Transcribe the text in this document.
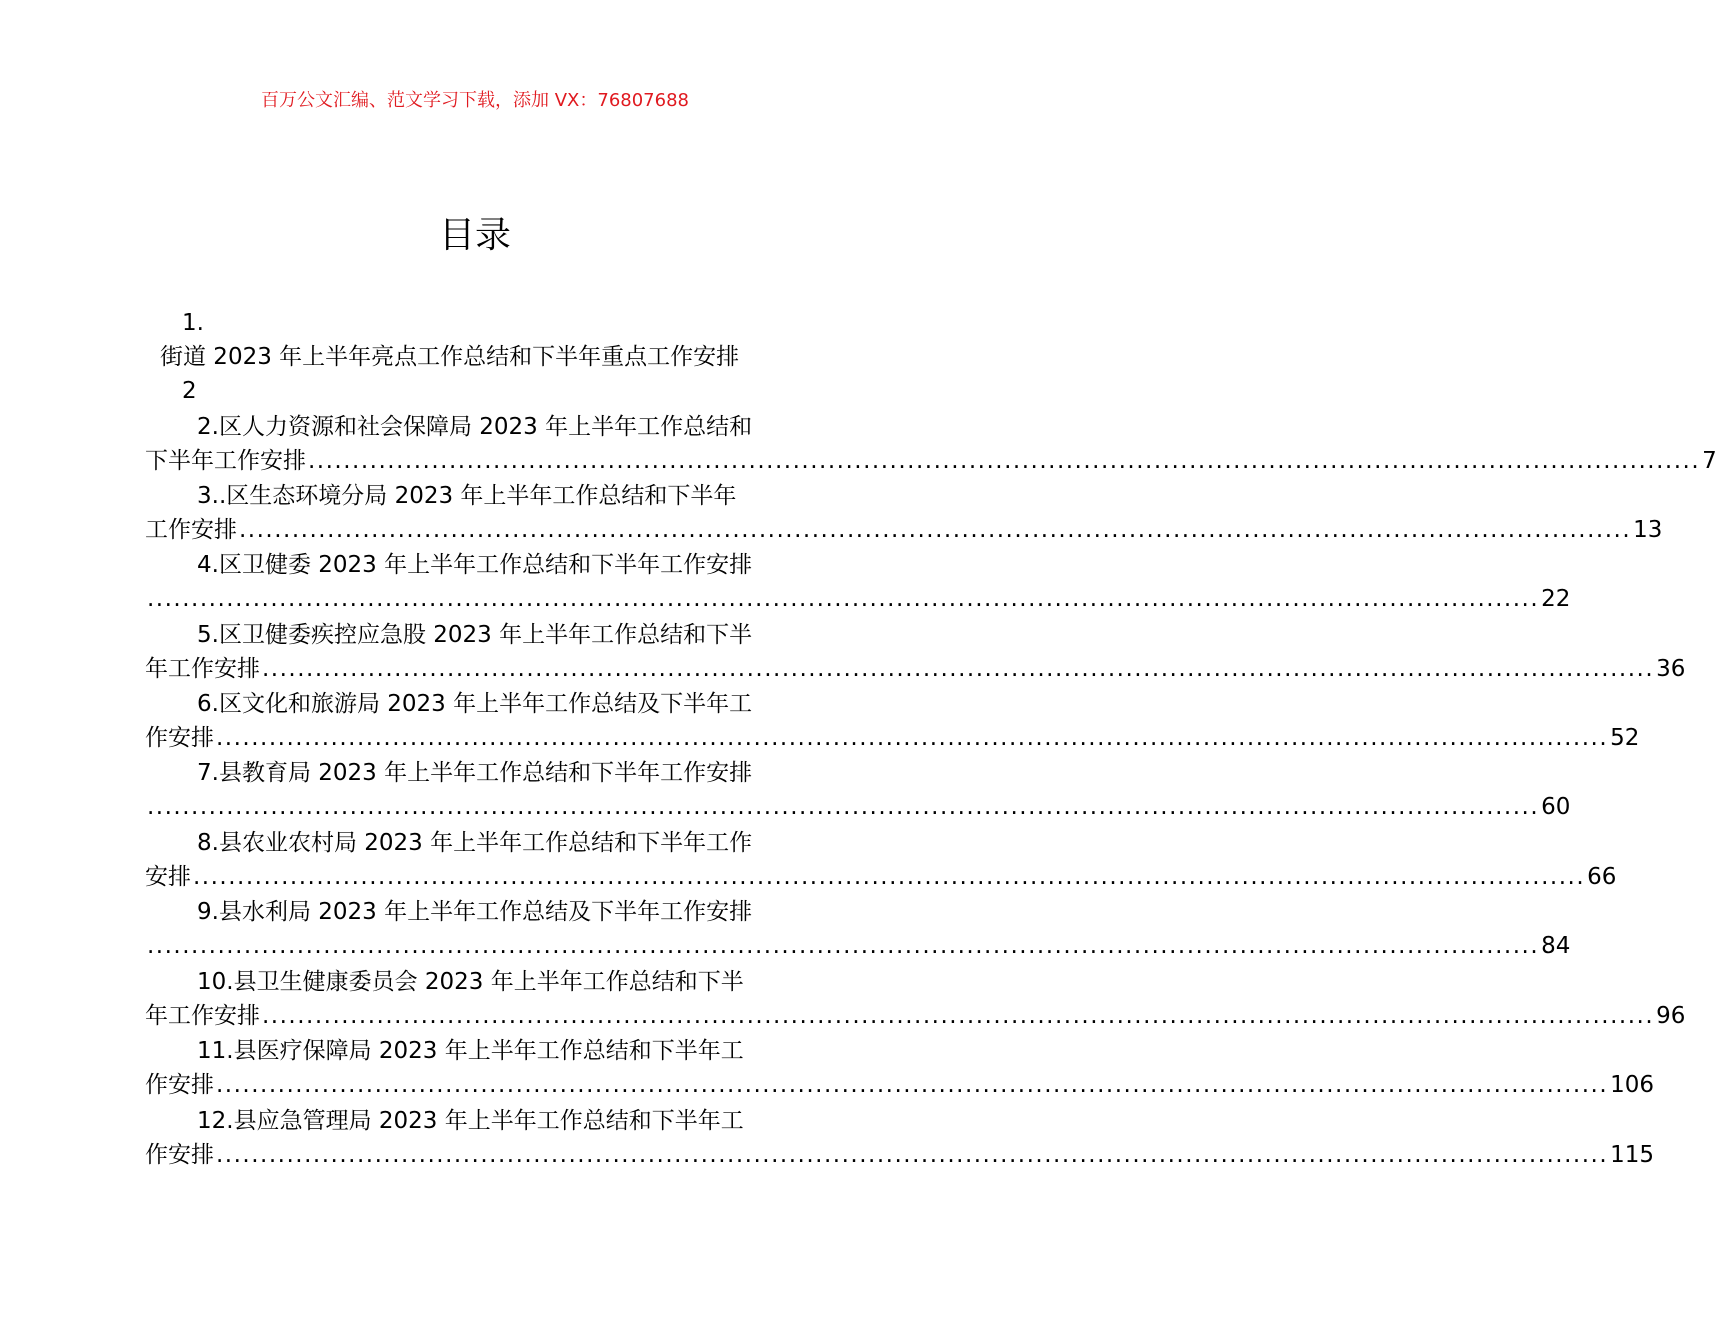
百万公文汇编、范文学习下载，添加 VX：76807688
目录
1.
街道 2023 年上半年亮点工作总结和下半年重点工作安排
2
2.区人力资源和社会保障局 2023 年上半年工作总结和
下半年工作安排 .............................................................................................................................................................. 7
3..区生态环境分局 2023 年上半年工作总结和下半年
工作安排 .............................................................................................................................................................. 13
4.区卫健委 2023 年上半年工作总结和下半年工作安排
.............................................................................................................................................................. 22
5.区卫健委疾控应急股 2023 年上半年工作总结和下半
年工作安排 .............................................................................................................................................................. 36
6.区文化和旅游局 2023 年上半年工作总结及下半年工
作安排 .............................................................................................................................................................. 52
7.县教育局 2023 年上半年工作总结和下半年工作安排
.............................................................................................................................................................. 60
8.县农业农村局 2023 年上半年工作总结和下半年工作
安排 .............................................................................................................................................................. 66
9.县水利局 2023 年上半年工作总结及下半年工作安排
.............................................................................................................................................................. 84
10.县卫生健康委员会 2023 年上半年工作总结和下半
年工作安排 .............................................................................................................................................................. 96
11.县医疗保障局 2023 年上半年工作总结和下半年工
作安排 .............................................................................................................................................................. 106
12.县应急管理局 2023 年上半年工作总结和下半年工
作安排 .............................................................................................................................................................. 115
